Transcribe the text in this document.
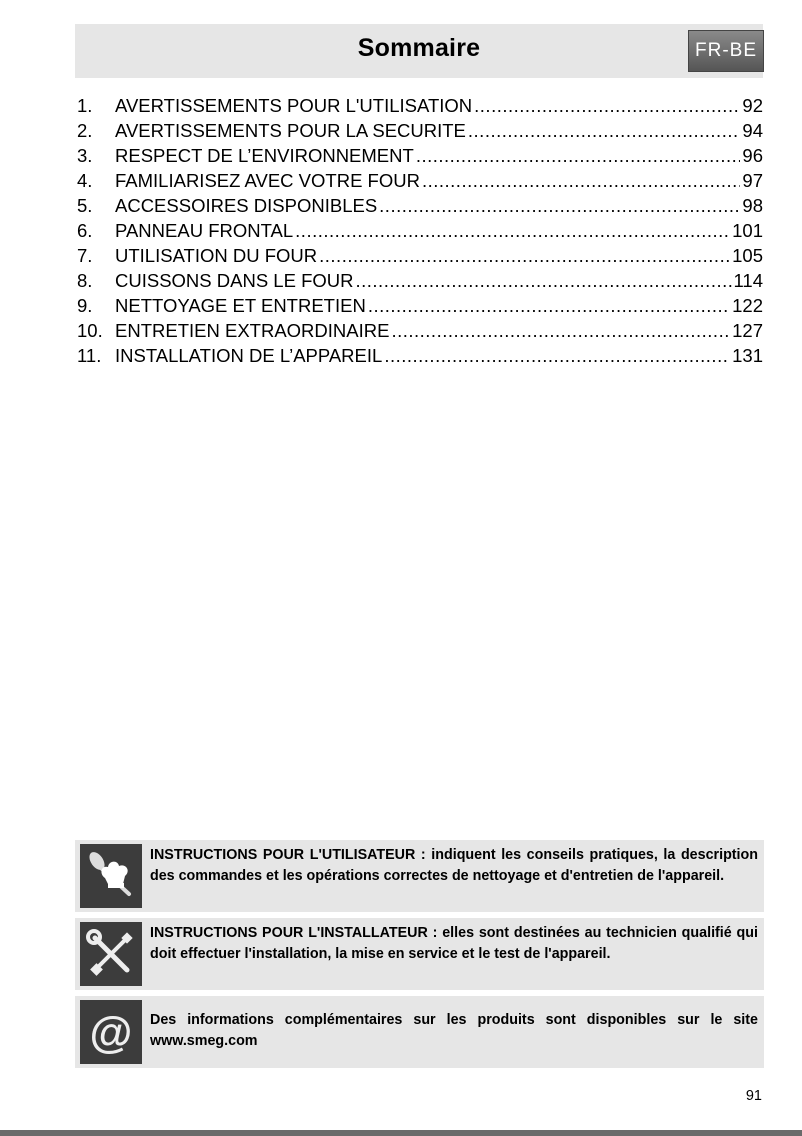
Sommaire	FR-BE
1.	AVERTISSEMENTS POUR L'UTILISATION .....	92
2.	AVERTISSEMENTS POUR LA SECURITE .....	94
3.	RESPECT DE L’ENVIRONNEMENT .....	96
4.	FAMILIARISEZ AVEC VOTRE FOUR .....	97
5.	ACCESSOIRES DISPONIBLES .....	98
6.	PANNEAU FRONTAL .....	101
7.	UTILISATION DU FOUR .....	105
8.	CUISSONS DANS LE FOUR .....	114
9.	NETTOYAGE ET ENTRETIEN .....	122
10. ENTRETIEN EXTRAORDINAIRE .....	127
11. INSTALLATION DE L’APPAREIL .....	131
INSTRUCTIONS POUR L'UTILISATEUR : indiquent les conseils pratiques, la description des commandes et les opérations correctes de nettoyage et d'entretien de l'appareil.
INSTRUCTIONS POUR L'INSTALLATEUR : elles sont destinées au technicien qualifié qui doit effectuer l'installation, la mise en service et le test de l'appareil.
@ Des informations complémentaires sur les produits sont disponibles sur le site www.smeg.com
91
